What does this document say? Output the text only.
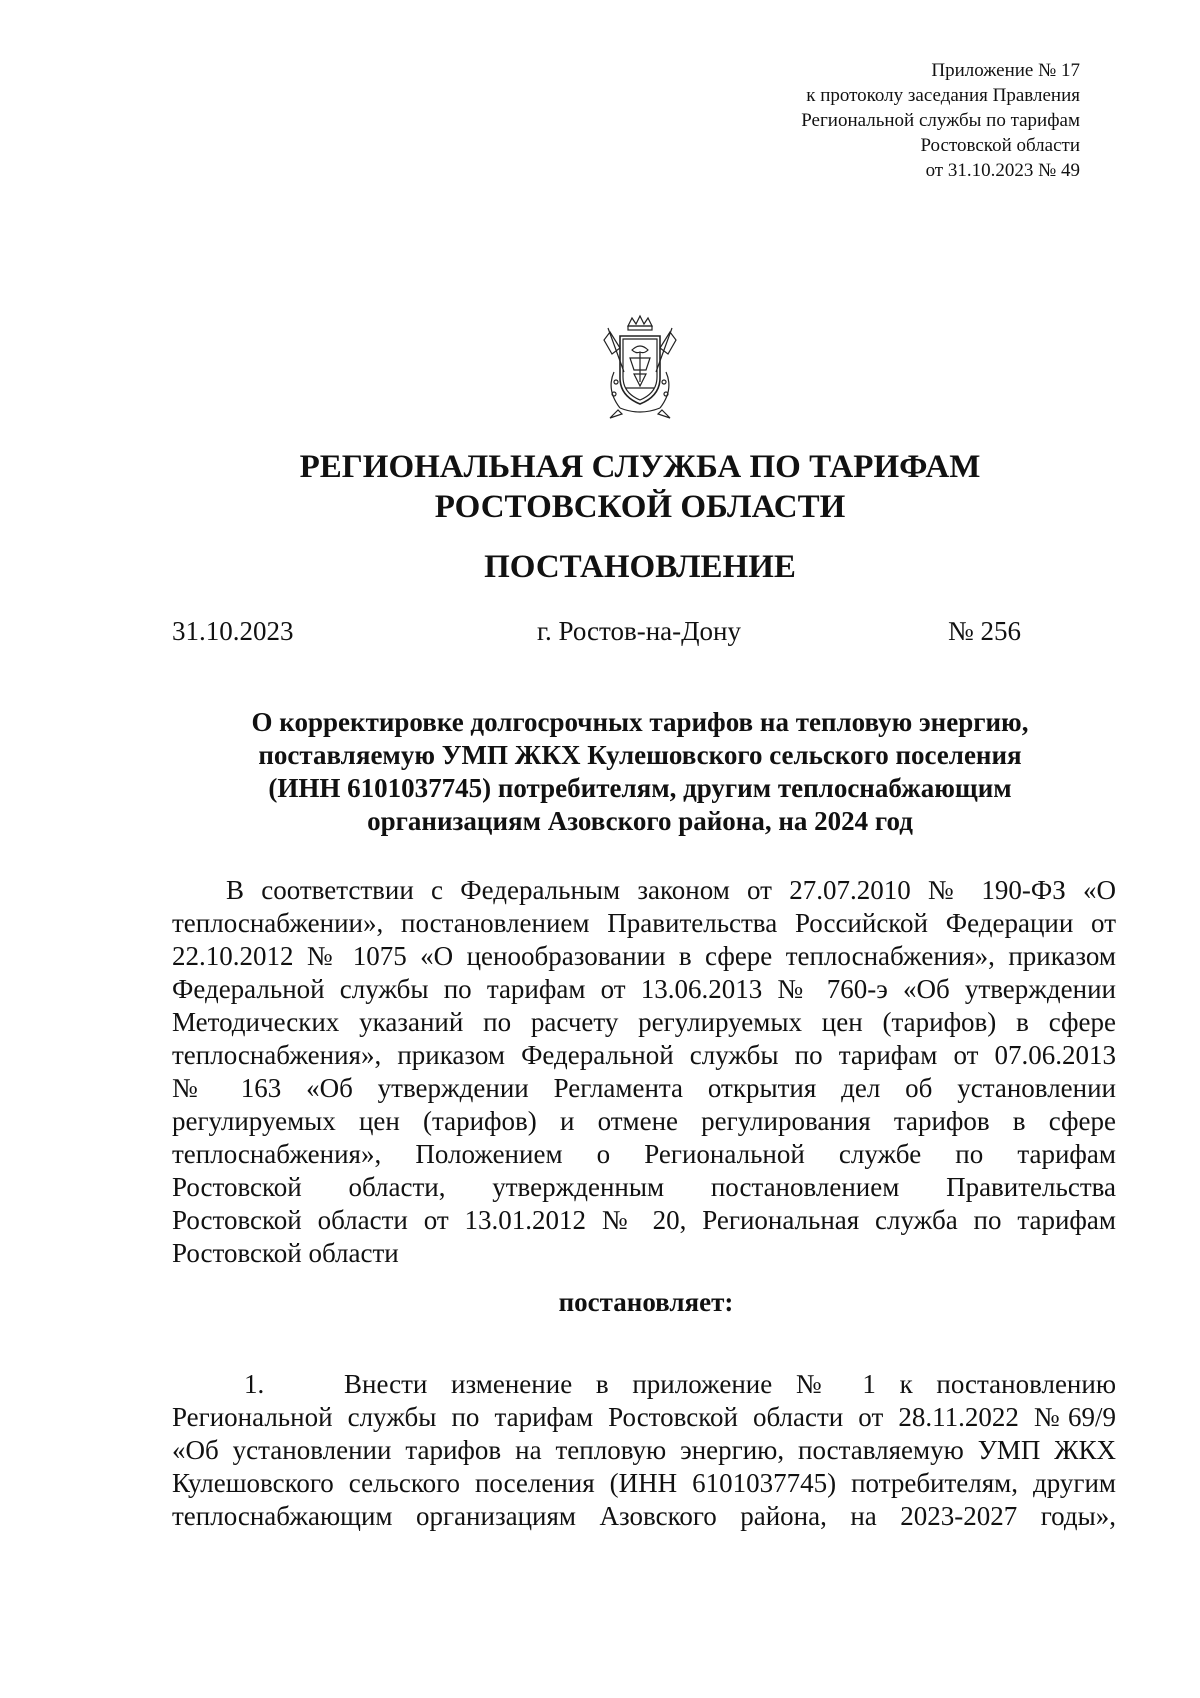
Приложение № 17
к протоколу заседания Правления
Региональной службы по тарифам
Ростовской области
от 31.10.2023 № 49
РЕГИОНАЛЬНАЯ СЛУЖБА ПО ТАРИФАМ
РОСТОВСКОЙ ОБЛАСТИ
ПОСТАНОВЛЕНИЕ
31.10.2023	г. Ростов-на-Дону	№ 256
О корректировке долгосрочных тарифов на тепловую энергию,
поставляемую УМП ЖКХ Кулешовского сельского поселения
(ИНН 6101037745) потребителям, другим теплоснабжающим
организациям Азовского района, на 2024 год
В соответствии с Федеральным законом от 27.07.2010 № 190-ФЗ «О
теплоснабжении», постановлением Правительства Российской Федерации от
22.10.2012 № 1075 «О ценообразовании в сфере теплоснабжения», приказом
Федеральной службы по тарифам от 13.06.2013 № 760-э «Об утверждении
Методических указаний по расчету регулируемых цен (тарифов) в сфере
теплоснабжения», приказом Федеральной службы по тарифам от 07.06.2013
№ 163 «Об утверждении Регламента открытия дел об установлении
регулируемых цен (тарифов) и отмене регулирования тарифов в сфере
теплоснабжения», Положением о Региональной службе по тарифам
Ростовской области, утвержденным постановлением Правительства
Ростовской области от 13.01.2012 № 20, Региональная служба по тарифам
Ростовской области
постановляет:
1.	Внести изменение в приложение № 1 к постановлению
Региональной службы по тарифам Ростовской области от 28.11.2022 №69/9
«Об установлении тарифов на тепловую энергию, поставляемую УМП ЖКХ
Кулешовского сельского поселения (ИНН 6101037745) потребителям, другим
теплоснабжающим организациям Азовского района, на 2023-2027 годы»,
